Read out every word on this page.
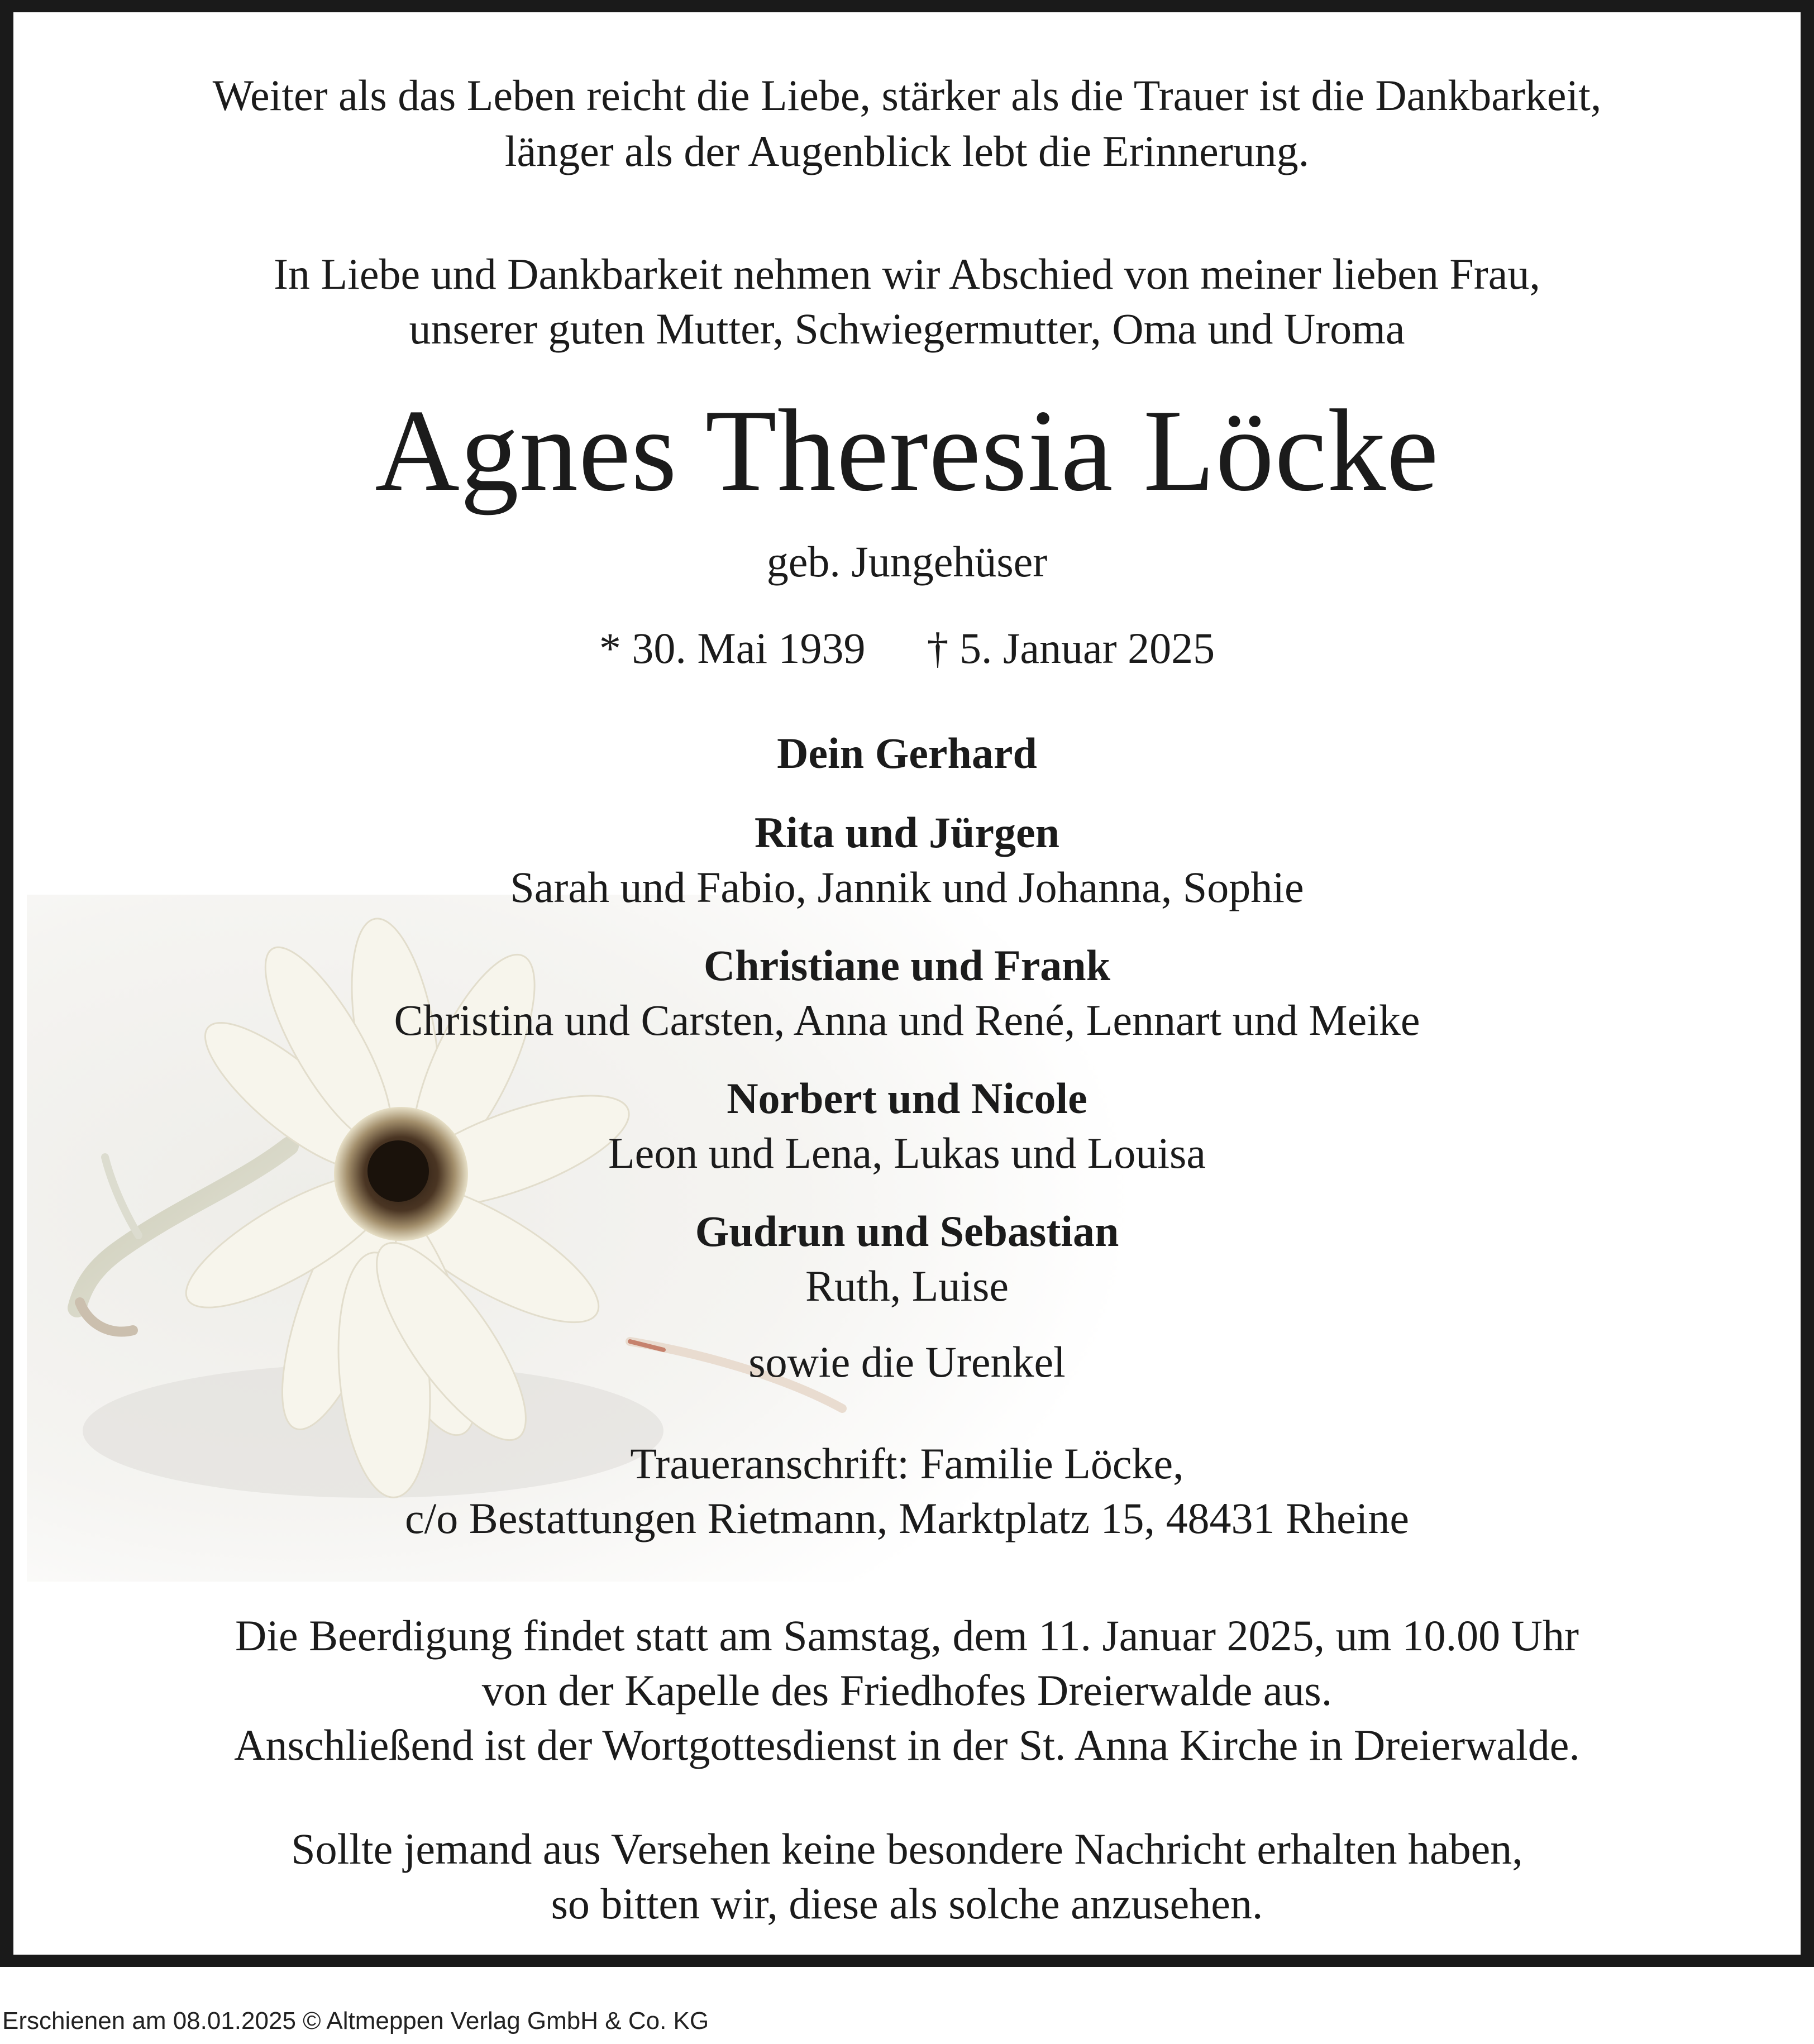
Weiter als das Leben reicht die Liebe, stärker als die Trauer ist die Dankbarkeit,
länger als der Augenblick lebt die Erinnerung.
In Liebe und Dankbarkeit nehmen wir Abschied von meiner lieben Frau,
unserer guten Mutter, Schwiegermutter, Oma und Uroma
Agnes Theresia Löcke
geb. Jungehüser
* 30. Mai 1939 † 5. Januar 2025
Dein Gerhard
Rita und Jürgen
Sarah und Fabio, Jannik und Johanna, Sophie
Christiane und Frank
Christina und Carsten, Anna und René, Lennart und Meike
Norbert und Nicole
Leon und Lena, Lukas und Louisa
Gudrun und Sebastian
Ruth, Luise
sowie die Urenkel
Traueranschrift: Familie Löcke,
c/o Bestattungen Rietmann, Marktplatz 15, 48431 Rheine
Die Beerdigung findet statt am Samstag, dem 11. Januar 2025, um 10.00 Uhr
von der Kapelle des Friedhofes Dreierwalde aus.
Anschließend ist der Wortgottesdienst in der St. Anna Kirche in Dreierwalde.
Sollte jemand aus Versehen keine besondere Nachricht erhalten haben,
so bitten wir, diese als solche anzusehen.
Erschienen am 08.01.2025 © Altmeppen Verlag GmbH & Co. KG
